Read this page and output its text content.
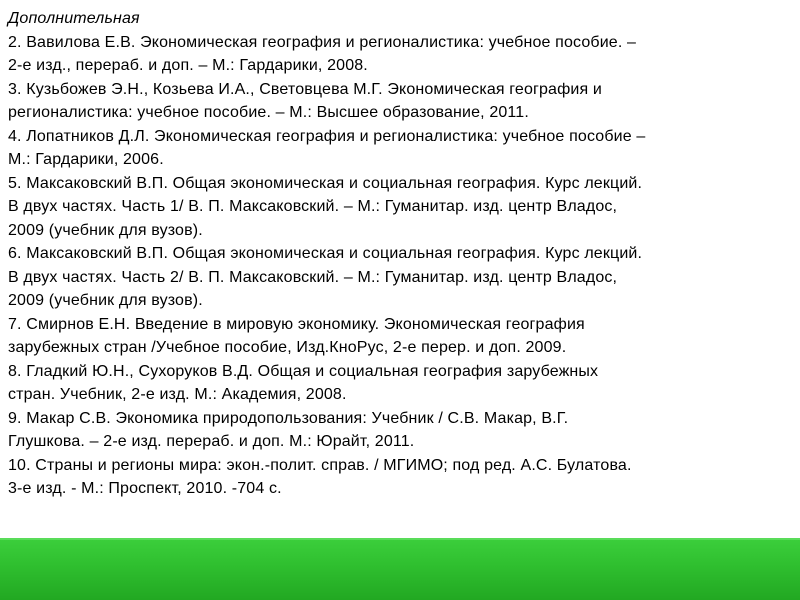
Дополнительная

2. Вавилова Е.В. Экономическая география и регионалистика: учебное пособие. –
2-е изд., перераб. и доп. – М.: Гардарики, 2008.
3. Кузьбожев Э.Н., Козьева И.А., Световцева М.Г. Экономическая география и
регионалистика: учебное пособие. – М.: Высшее образование, 2011.
4. Лопатников Д.Л. Экономическая география и регионалистика: учебное пособие –
М.: Гардарики, 2006.
5. Максаковский В.П. Общая экономическая и социальная география. Курс лекций.
В двух частях. Часть 1/ В. П. Максаковский. – М.: Гуманитар. изд. центр Владос,
2009 (учебник для вузов).
6. Максаковский В.П. Общая экономическая и социальная география. Курс лекций.
В двух частях. Часть 2/ В. П. Максаковский. – М.: Гуманитар. изд. центр Владос,
2009 (учебник для вузов).
7. Смирнов Е.Н. Введение в мировую экономику. Экономическая география
зарубежных стран /Учебное пособие, Изд.КноРус, 2-е перер. и доп. 2009.
8. Гладкий Ю.Н., Сухоруков В.Д. Общая и социальная география зарубежных
стран. Учебник, 2-е изд. М.: Академия, 2008.
9. Макар С.В. Экономика природопользования: Учебник / С.В. Макар, В.Г.
Глушкова. – 2-е изд. перераб. и доп. М.: Юрайт, 2011.
10. Страны и регионы мира: экон.-полит. справ. / МГИМО; под ред. А.С. Булатова.
3-е изд. - М.: Проспект, 2010. -704 с.
